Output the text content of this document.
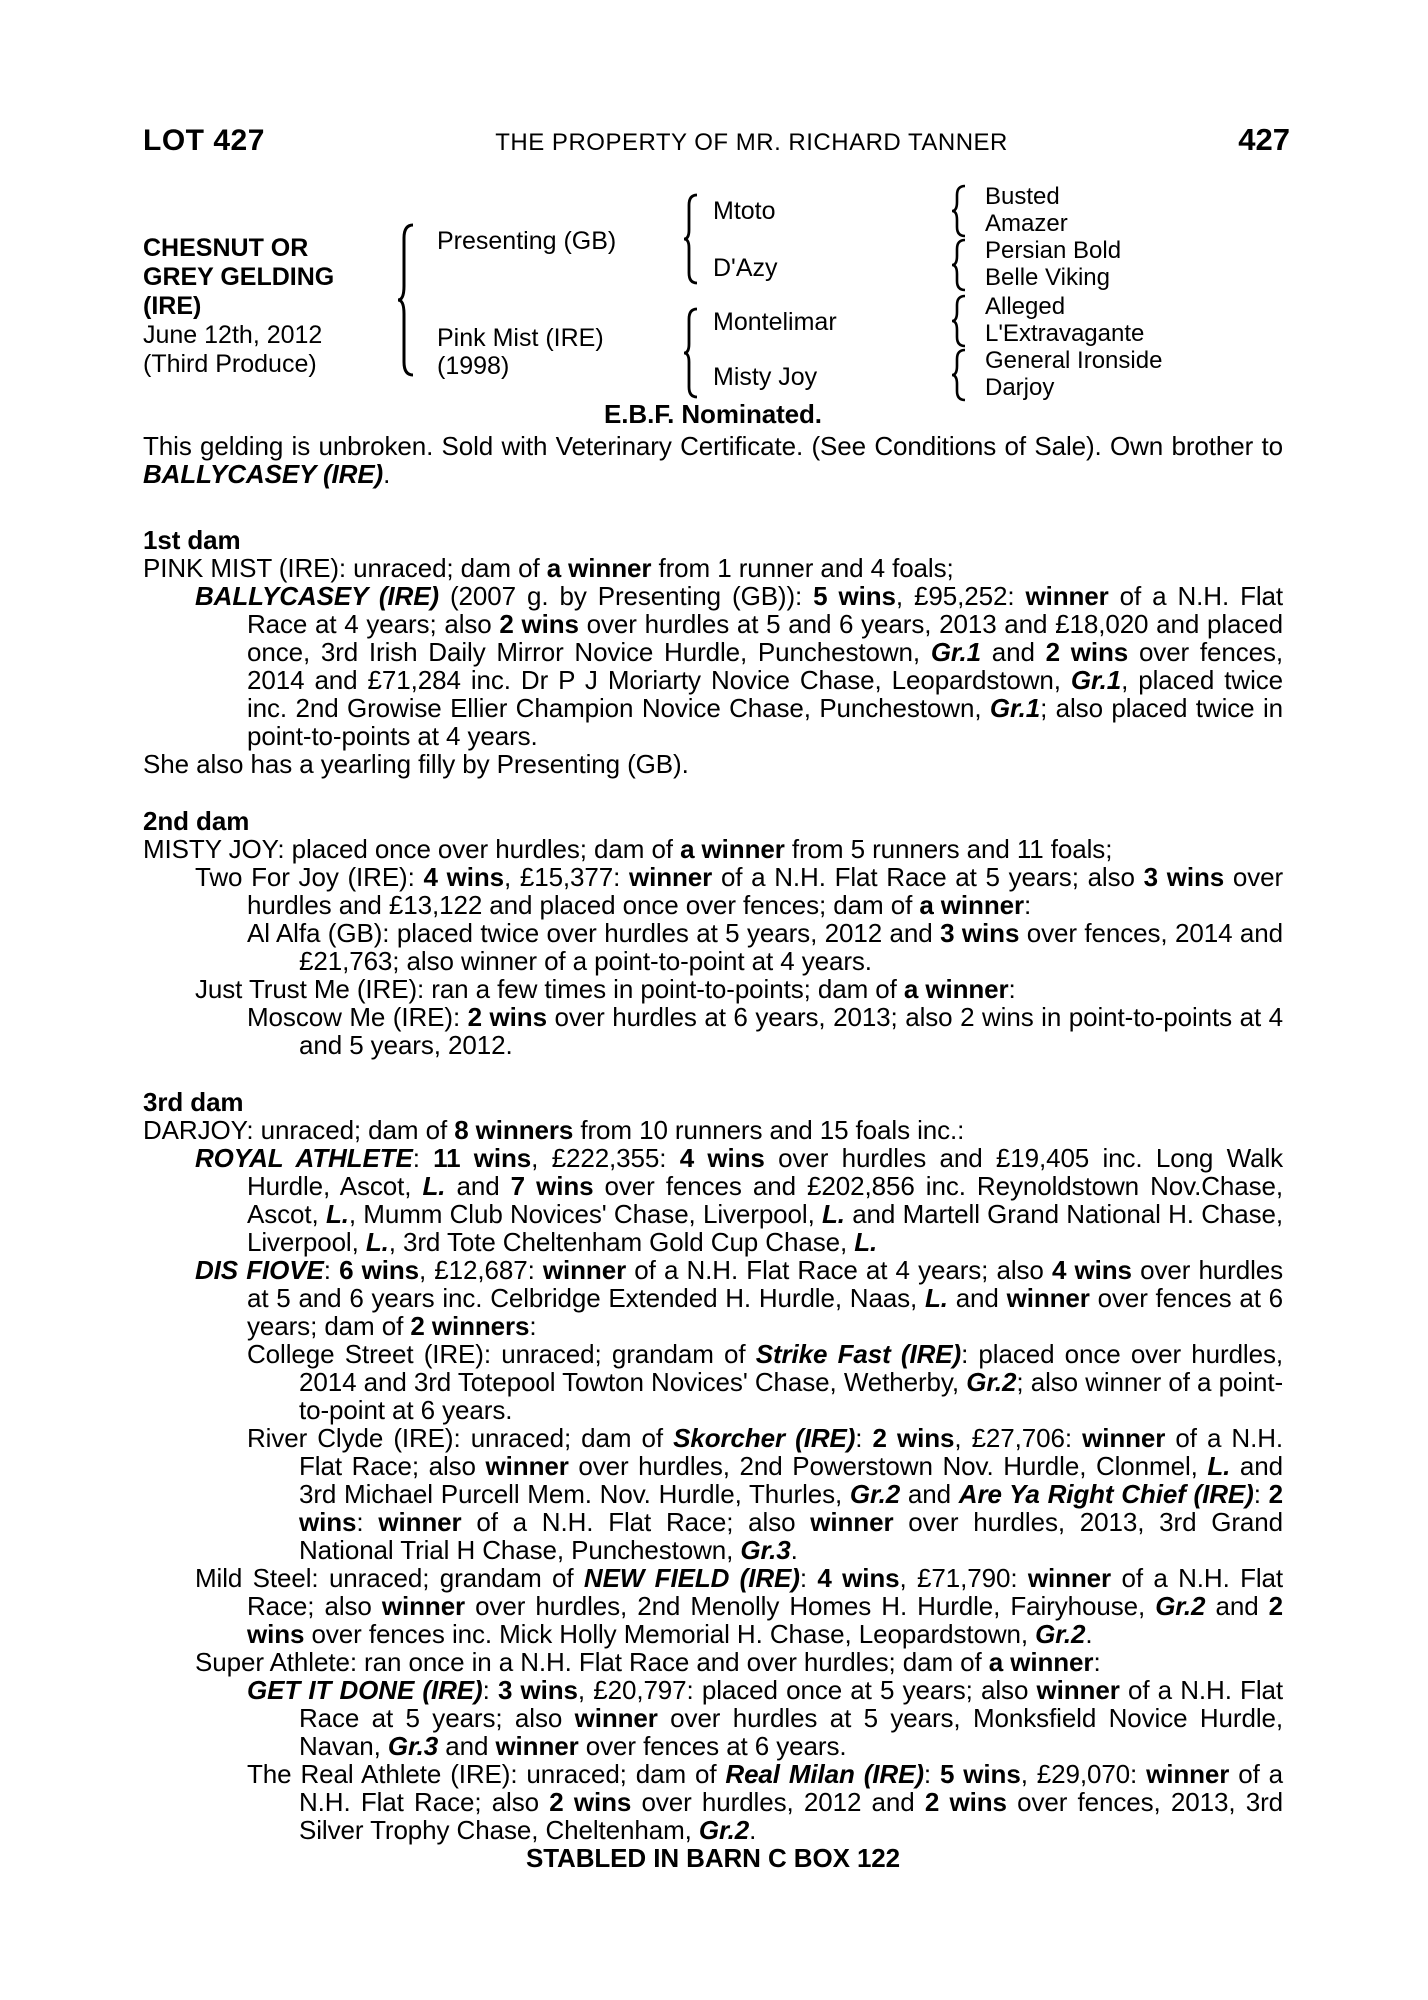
LOT 427	THE PROPERTY OF MR. RICHARD TANNER	427
CHESNUT OR
GREY GELDING
(IRE)
June 12th, 2012
(Third Produce)
Presenting (GB)
Pink Mist (IRE)
(1998)
Mtoto
D'Azy
Montelimar
Misty Joy
Busted
Amazer
Persian Bold
Belle Viking
Alleged
L'Extravagante
General Ironside
Darjoy
E.B.F. Nominated.

This gelding is unbroken. Sold with Veterinary Certificate. (See Conditions of Sale). Own brother to BALLYCASEY (IRE).

1st dam

PINK MIST (IRE): unraced; dam of a winner from 1 runner and 4 foals;

BALLYCASEY (IRE) (2007 g. by Presenting (GB)): 5 wins, £95,252: winner of a N.H. Flat Race at 4 years; also 2 wins over hurdles at 5 and 6 years, 2013 and £18,020 and placed once, 3rd Irish Daily Mirror Novice Hurdle, Punchestown, Gr.1 and 2 wins over fences, 2014 and £71,284 inc. Dr P J Moriarty Novice Chase, Leopardstown, Gr.1, placed twice inc. 2nd Growise Ellier Champion Novice Chase, Punchestown, Gr.1; also placed twice in point-to-points at 4 years.

She also has a yearling filly by Presenting (GB).

2nd dam

MISTY JOY: placed once over hurdles; dam of a winner from 5 runners and 11 foals;

Two For Joy (IRE): 4 wins, £15,377: winner of a N.H. Flat Race at 5 years; also 3 wins over hurdles and £13,122 and placed once over fences; dam of a winner:

Al Alfa (GB): placed twice over hurdles at 5 years, 2012 and 3 wins over fences, 2014 and £21,763; also winner of a point-to-point at 4 years.

Just Trust Me (IRE): ran a few times in point-to-points; dam of a winner:

Moscow Me (IRE): 2 wins over hurdles at 6 years, 2013; also 2 wins in point-to-points at 4 and 5 years, 2012.

3rd dam

DARJOY: unraced; dam of 8 winners from 10 runners and 15 foals inc.:

ROYAL ATHLETE: 11 wins, £222,355: 4 wins over hurdles and £19,405 inc. Long Walk Hurdle, Ascot, L. and 7 wins over fences and £202,856 inc. Reynoldstown Nov.Chase, Ascot, L., Mumm Club Novices' Chase, Liverpool, L. and Martell Grand National H. Chase, Liverpool, L., 3rd Tote Cheltenham Gold Cup Chase, L.

DIS FIOVE: 6 wins, £12,687: winner of a N.H. Flat Race at 4 years; also 4 wins over hurdles at 5 and 6 years inc. Celbridge Extended H. Hurdle, Naas, L. and winner over fences at 6 years; dam of 2 winners:

College Street (IRE): unraced; grandam of Strike Fast (IRE): placed once over hurdles, 2014 and 3rd Totepool Towton Novices' Chase, Wetherby, Gr.2; also winner of a point-to-point at 6 years.

River Clyde (IRE): unraced; dam of Skorcher (IRE): 2 wins, £27,706: winner of a N.H. Flat Race; also winner over hurdles, 2nd Powerstown Nov. Hurdle, Clonmel, L. and 3rd Michael Purcell Mem. Nov. Hurdle, Thurles, Gr.2 and Are Ya Right Chief (IRE): 2 wins: winner of a N.H. Flat Race; also winner over hurdles, 2013, 3rd Grand National Trial H Chase, Punchestown, Gr.3.

Mild Steel: unraced; grandam of NEW FIELD (IRE): 4 wins, £71,790: winner of a N.H. Flat Race; also winner over hurdles, 2nd Menolly Homes H. Hurdle, Fairyhouse, Gr.2 and 2 wins over fences inc. Mick Holly Memorial H. Chase, Leopardstown, Gr.2.

Super Athlete: ran once in a N.H. Flat Race and over hurdles; dam of a winner:

GET IT DONE (IRE): 3 wins, £20,797: placed once at 5 years; also winner of a N.H. Flat Race at 5 years; also winner over hurdles at 5 years, Monksfield Novice Hurdle, Navan, Gr.3 and winner over fences at 6 years.

The Real Athlete (IRE): unraced; dam of Real Milan (IRE): 5 wins, £29,070: winner of a N.H. Flat Race; also 2 wins over hurdles, 2012 and 2 wins over fences, 2013, 3rd Silver Trophy Chase, Cheltenham, Gr.2.

STABLED IN BARN C BOX 122
